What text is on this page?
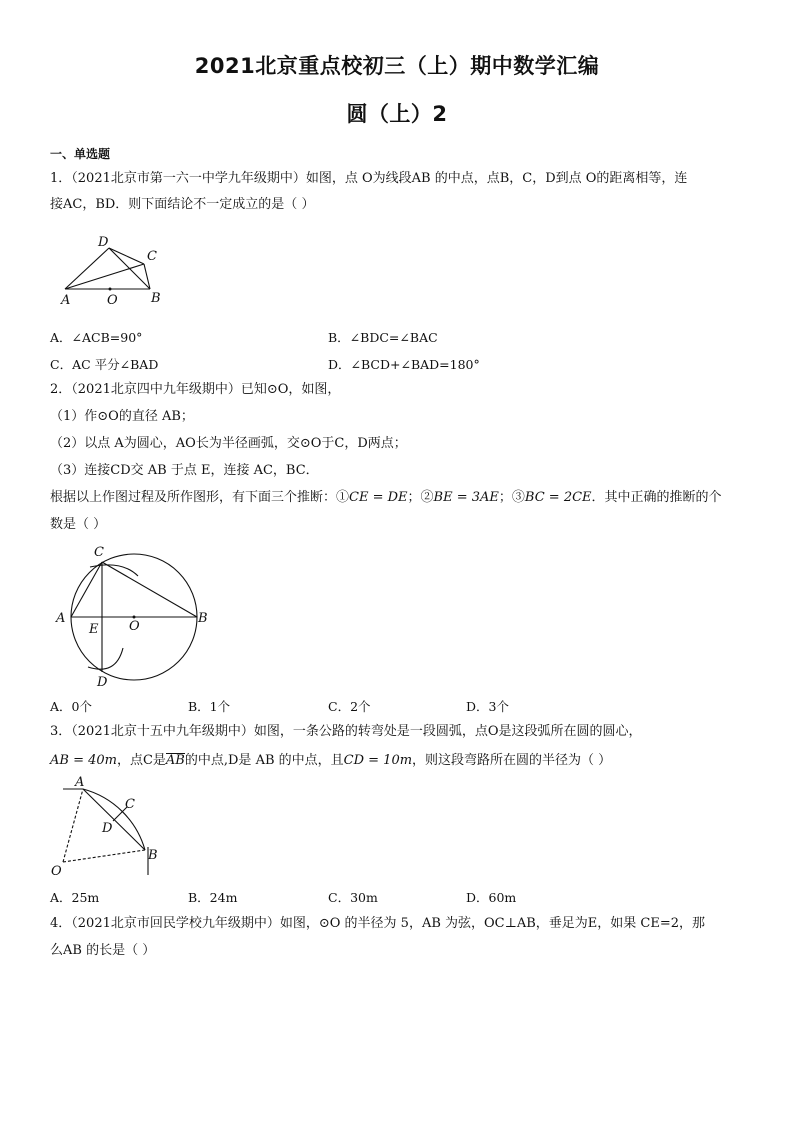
2021北京重点校初三（上）期中数学汇编
圆（上）2
一、单选题
1．（2021北京市第一六一中学九年级期中）如图，点 O为线段AB 的中点，点B，C，D到点 O的距离相等，连
接AC，BD．则下面结论不一定成立的是（ ）
A	O	B
C
D
A．∠ACB=90°	B．∠BDC=∠BAC
C．AC 平分∠BAD	D．∠BCD+∠BAD=180°
2．（2021北京四中九年级期中）已知⊙O，如图，
（1）作⊙O的直径 AB；
（2）以点 A为圆心，AO长为半径画弧，交⊙O于C，D两点；
（3）连接CD交 AB 于点 E，连接 AC，BC．
根据以上作图过程及所作图形，有下面三个推断：①CE = DE；②BE = 3AE；③BC = 2CE．其中正确的推断的个
数是（ ）
A	B
C
D
E O
A．0个	B．1个	C．2个	D．3个
3．（2021北京十五中九年级期中）如图，一条公路的转弯处是一段圆弧，点O是这段弧所在圆的圆心，
AB = 40m，点C是AB的中点,D是 AB 的中点，且CD = 10m，则这段弯路所在圆的半径为（ ）
A
B
C
D
O
A．25m	B．24m	C．30m	D．60m
4．（2021北京市回民学校九年级期中）如图，⊙O 的半径为 5，AB 为弦，OC⊥AB，垂足为E，如果 CE=2，那
么AB 的长是（ ）
